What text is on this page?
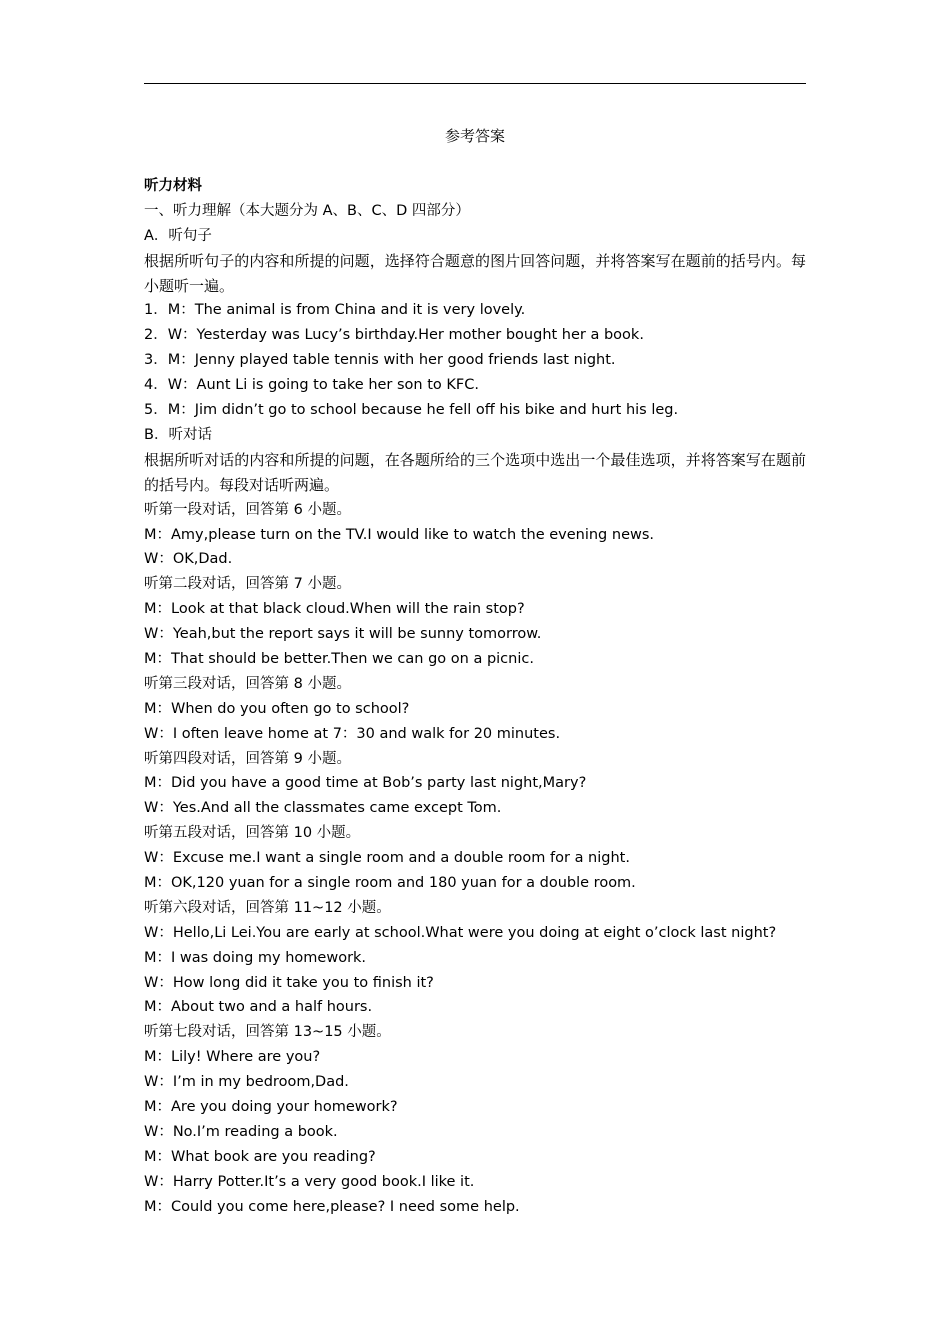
参考答案
听力材料
一、听力理解（本大题分为 A、B、C、D 四部分）
A．听句子
根据所听句子的内容和所提的问题，选择符合题意的图片回答问题，并将答案写在题前的括号内。每小题听一遍。
1．M：The animal is from China and it is very lovely.
2．W：Yesterday was Lucy’s birthday.Her mother bought her a book.
3．M：Jenny played table tennis with her good friends last night.
4．W：Aunt Li is going to take her son to KFC.
5．M：Jim didn’t go to school because he fell off his bike and hurt his leg.
B．听对话
根据所听对话的内容和所提的问题，在各题所给的三个选项中选出一个最佳选项，并将答案写在题前的括号内。每段对话听两遍。
听第一段对话，回答第 6 小题。
M：Amy,please turn on the TV.I would like to watch the evening news.
W：OK,Dad.
听第二段对话，回答第 7 小题。
M：Look at that black cloud.When will the rain stop?
W：Yeah,but the report says it will be sunny tomorrow.
M：That should be better.Then we can go on a picnic.
听第三段对话，回答第 8 小题。
M：When do you often go to school?
W：I often leave home at 7：30 and walk for 20 minutes.
听第四段对话，回答第 9 小题。
M：Did you have a good time at Bob’s party last night,Mary?
W：Yes.And all the classmates came except Tom.
听第五段对话，回答第 10 小题。
W：Excuse me.I want a single room and a double room for a night.
M：OK,120 yuan for a single room and 180 yuan for a double room.
听第六段对话，回答第 11~12 小题。
W：Hello,Li Lei.You are early at school.What were you doing at eight o’clock last night?
M：I was doing my homework.
W：How long did it take you to finish it?
M：About two and a half hours.
听第七段对话，回答第 13~15 小题。
M：Lily! Where are you?
W：I’m in my bedroom,Dad.
M：Are you doing your homework?
W：No.I’m reading a book.
M：What book are you reading?
W：Harry Potter.It’s a very good book.I like it.
M：Could you come here,please? I need some help.
